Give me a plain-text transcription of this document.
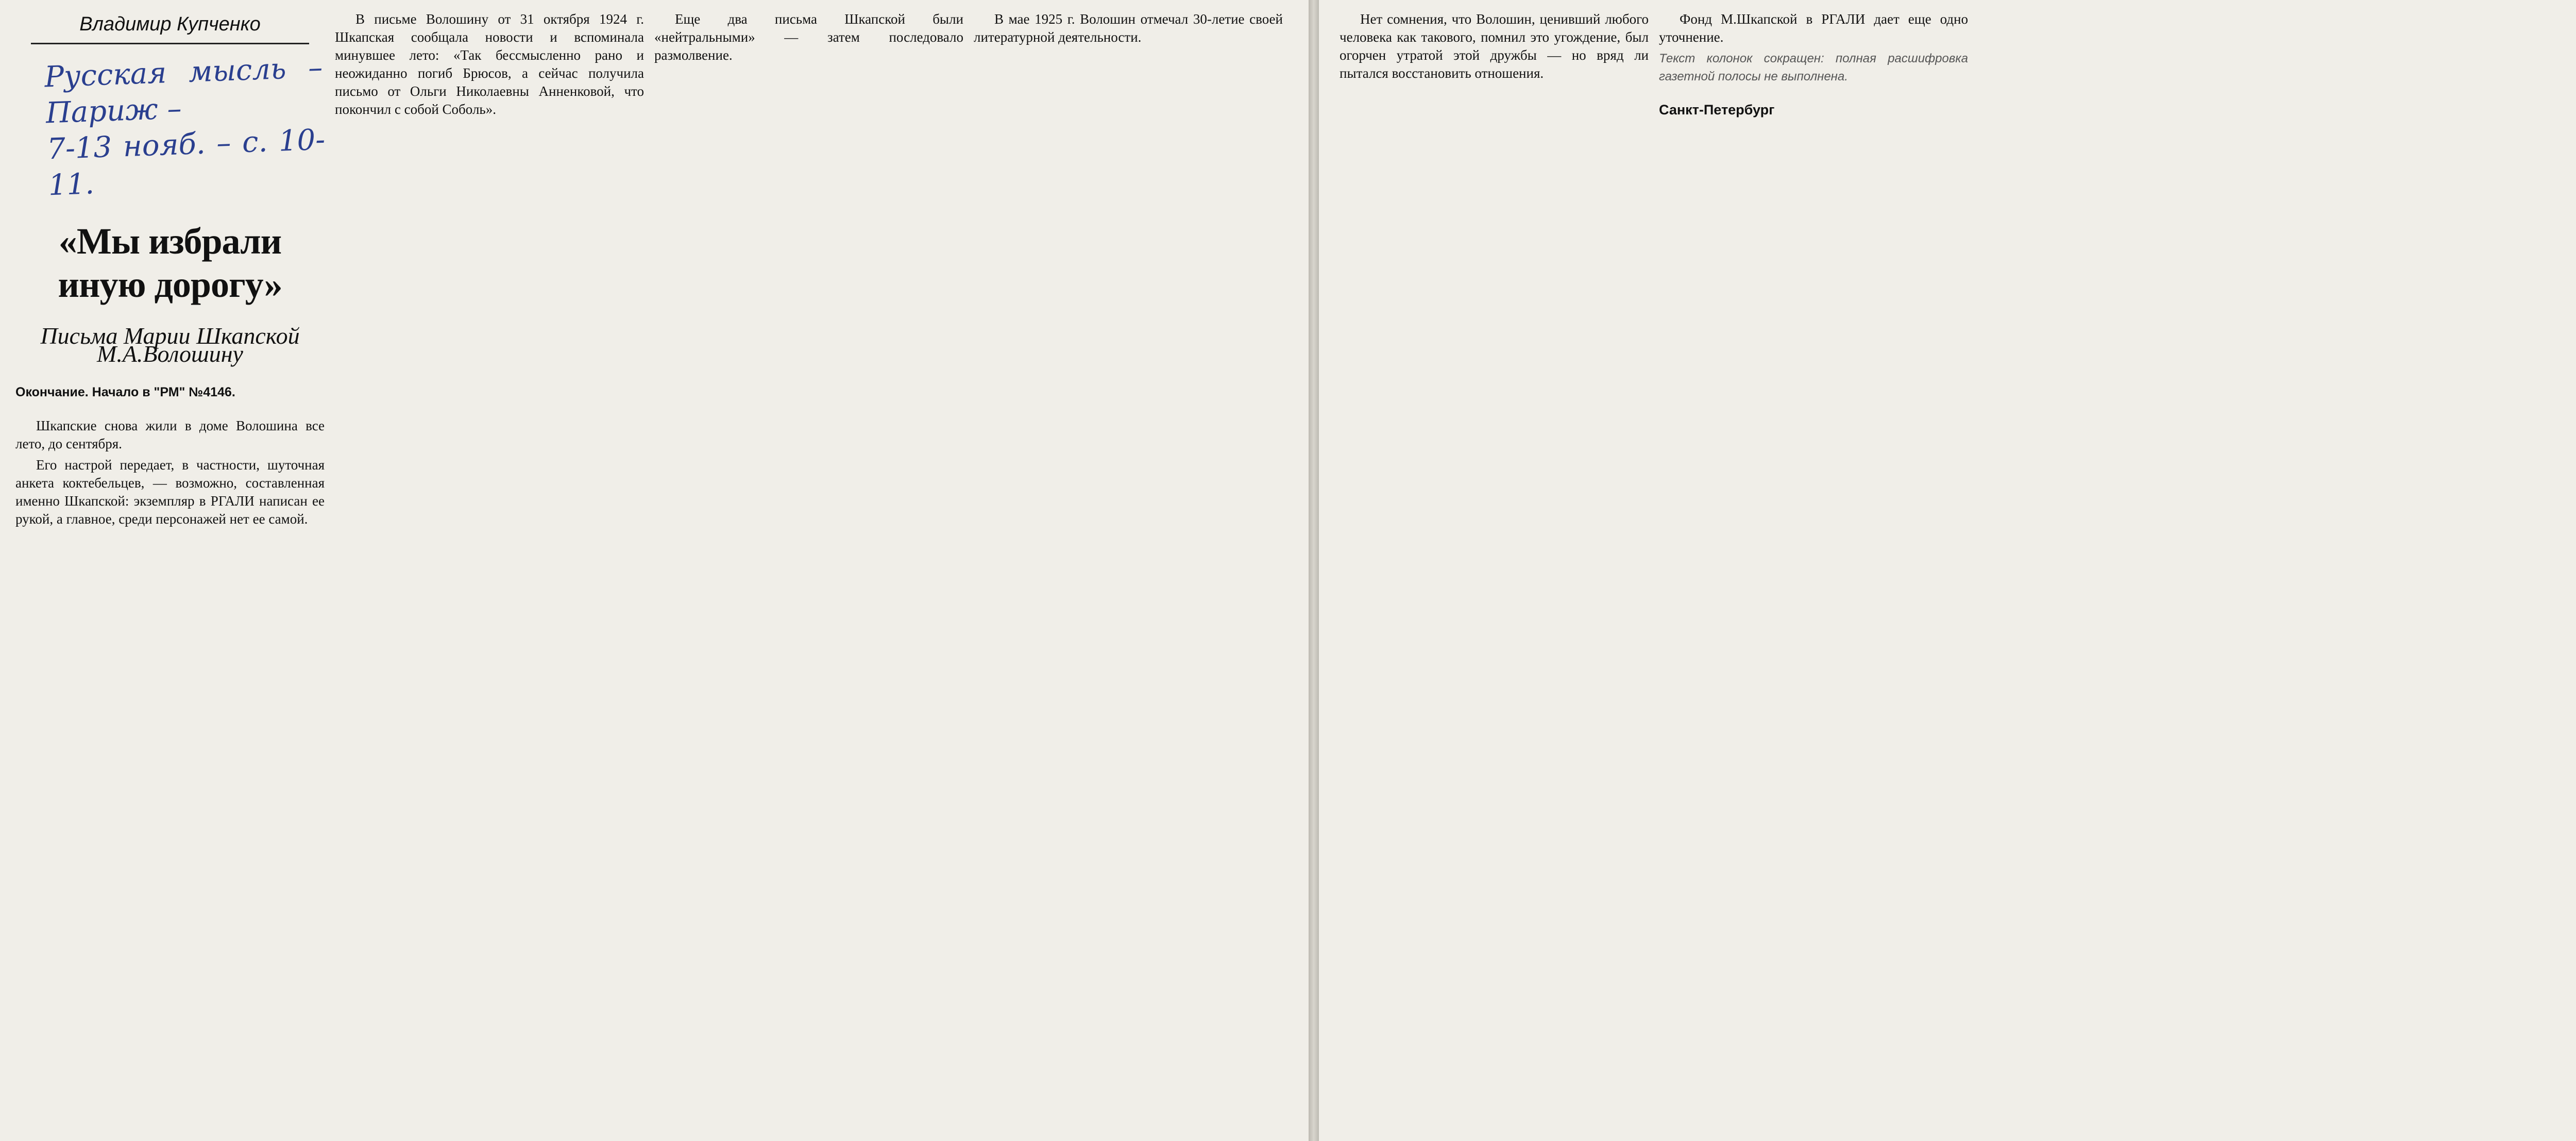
Владимир Купченко
Русская мысль – Париж –
7-13 нояб. – с. 10-11.
«Мы избрали иную дорогу»
Письма Марии Шкапской М.А.Волошину
Окончание. Начало в "РМ" №4146.

Шкапские снова жили в доме Волошина все лето, до сентября.

Его настрой передает, в частности, шуточная анкета коктебельцев, — возможно, составленная именно Шкапской: экземпляр в РГАЛИ написан ее рукой, а главное, среди персонажей нет ее самой.

В письме Волошину от 31 октября 1924 г. Шкапская сообщала новости и вспоминала минувшее лето: «Так бессмысленно рано и неожиданно погиб Брюсов, а сейчас получила письмо от Ольги Николаевны Анненковой, что покончил с собой Соболь».

Еще два письма Шкапской были «нейтральными» — затем последовало размолвение.

В мае 1925 г. Волошин отмечал 30-летие своей литературной деятельности.

Нет сомнения, что Волошин, ценивший любого человека как такового, помнил это угождение, был огорчен утратой этой дружбы — но вряд ли пытался восстановить отношения.

Фонд М.Шкапской в РГАЛИ дает еще одно уточнение.

Текст колонок сокращен: полная расшифровка газетной полосы не выполнена.

Санкт-Петербург
